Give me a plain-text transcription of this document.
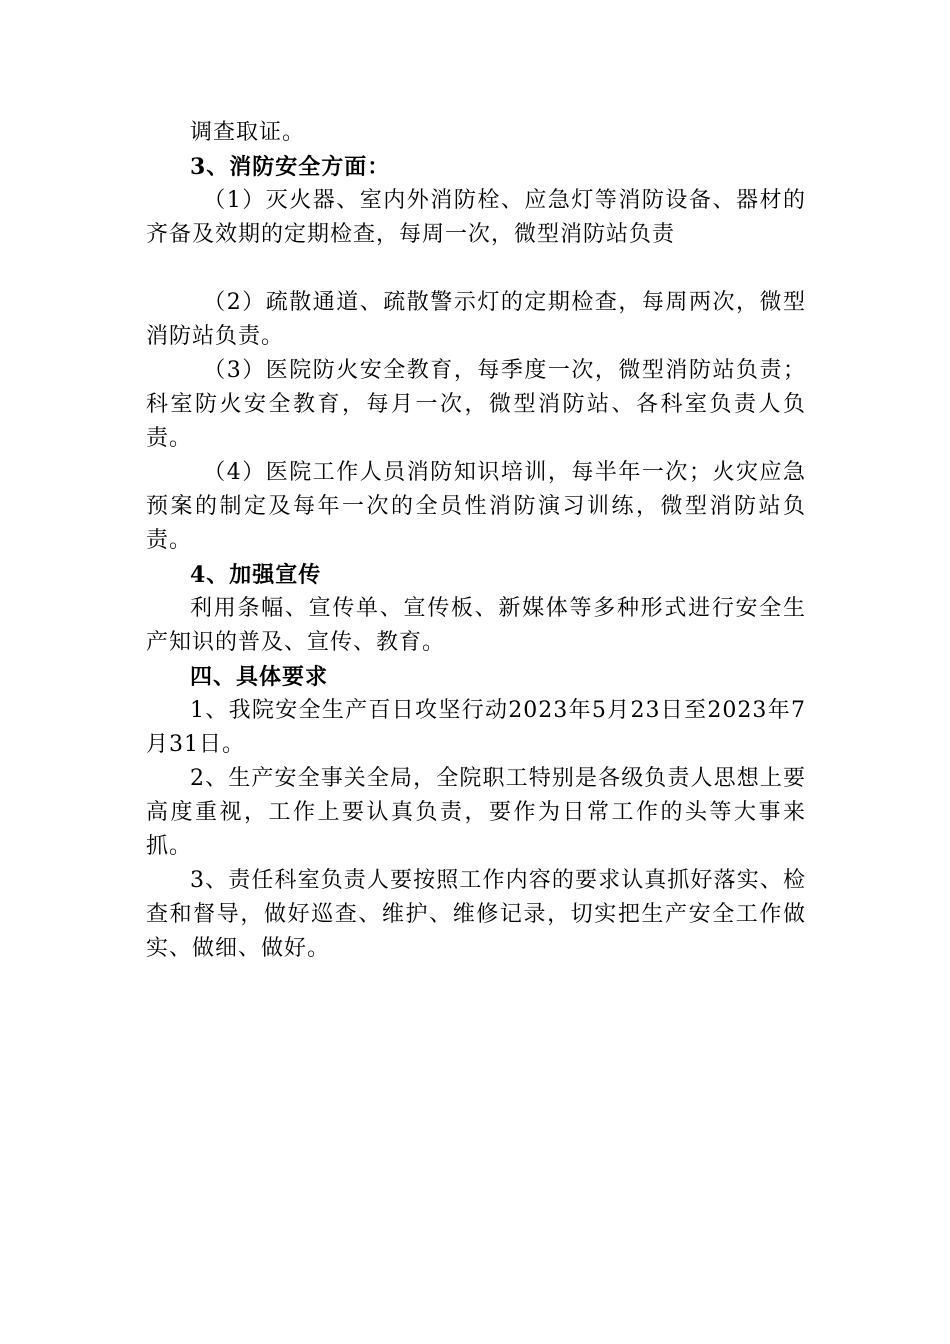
调查取证。

3、消防安全方面：

（1）灭火器、室内外消防栓、应急灯等消防设备、器材的齐备及效期的定期检查，每周一次，微型消防站负责

（2）疏散通道、疏散警示灯的定期检查，每周两次，微型消防站负责。

（3）医院防火安全教育，每季度一次，微型消防站负责；科室防火安全教育，每月一次，微型消防站、各科室负责人负责。

（4）医院工作人员消防知识培训，每半年一次；火灾应急预案的制定及每年一次的全员性消防演习训练，微型消防站负责。

4、加强宣传

利用条幅、宣传单、宣传板、新媒体等多种形式进行安全生产知识的普及、宣传、教育。

四、具体要求

1、我院安全生产百日攻坚行动2023年5月23日至2023年7月31日。

2、生产安全事关全局，全院职工特别是各级负责人思想上要高度重视，工作上要认真负责，要作为日常工作的头等大事来抓。

3、责任科室负责人要按照工作内容的要求认真抓好落实、检查和督导，做好巡查、维护、维修记录，切实把生产安全工作做实、做细、做好。
